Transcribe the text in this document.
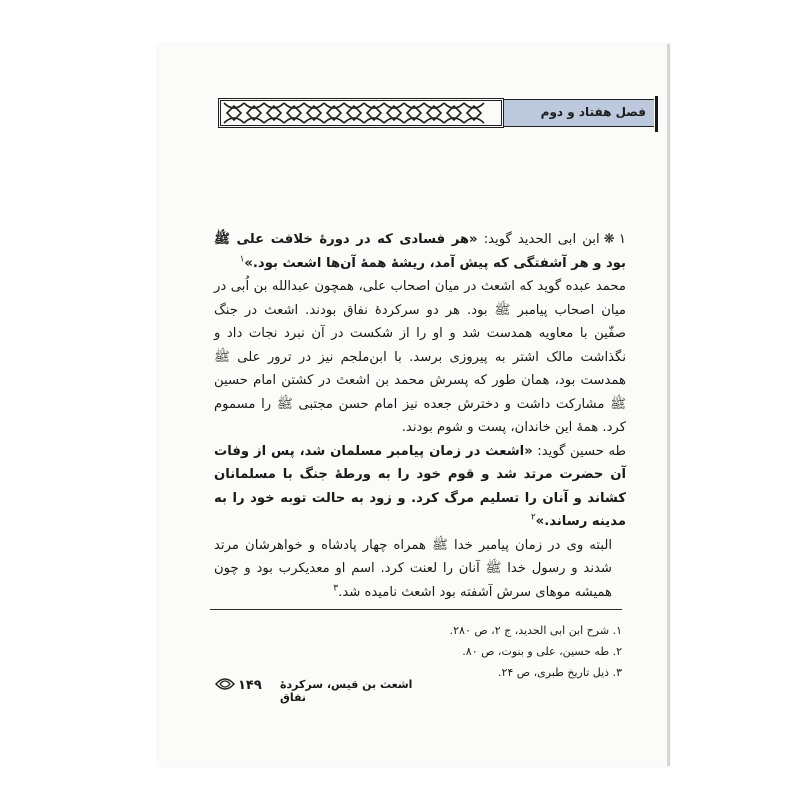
فصل هفتاد و دوم

۱ ❋ابن ابی الحدید گوید: «هر فسادی که در دورهٔ خلافت علی ﷺ بود و هر آشفتگی که پیش آمد، ریشهٔ همهٔ آن‌ها اشعث بود.»$^۱$

محمد عبده گوید که اشعث در میان اصحاب علی، همچون عبدالله بن اُبی در میان اصحاب پیامبر ﷺ بود. هر دو سرکردهٔ نفاق بودند. اشعث در جنگ صفّین با معاویه همدست شد و او را از شکست در آن نبرد نجات داد و نگذاشت مالک اشتر به پیروزی برسد. با ابن‌ملجم نیز در ترور علی ﷺ همدست بود، همان طور که پسرش محمد بن اشعث در کشتن امام حسین ﷺ مشارکت داشت و دخترش جعده نیز امام حسن مجتبی ﷺ را مسموم کرد. همهٔ این خاندان، پست و شوم بودند.

طه حسین گوید: «اشعث در زمان پیامبر مسلمان شد، پس از وفات آن حضرت مرتد شد و قوم خود را به ورطهٔ جنگ با مسلمانان کشاند و آنان را تسلیم مرگ کرد. و زود به حالت توبه خود را به مدینه رساند.»$^۲$

البته وی در زمان پیامبر خدا ﷺ همراه چهار پادشاه و خواهرشان مرتد شدند و رسول خدا ﷺ آنان را لعنت کرد. اسم او معدیکرب بود و چون همیشه موهای سرش آشفته بود اشعث نامیده شد.$^۳$

۱. شرح ابن ابی الحدید، ج ۲، ص ۲۸۰.

۲. طه حسین، علی و بنوت، ص ۸۰.

۳. ذیل تاریخ طبری، ص ۲۴.

۱۴۹ اشعث بن قیس، سرکردهٔ نفاق
